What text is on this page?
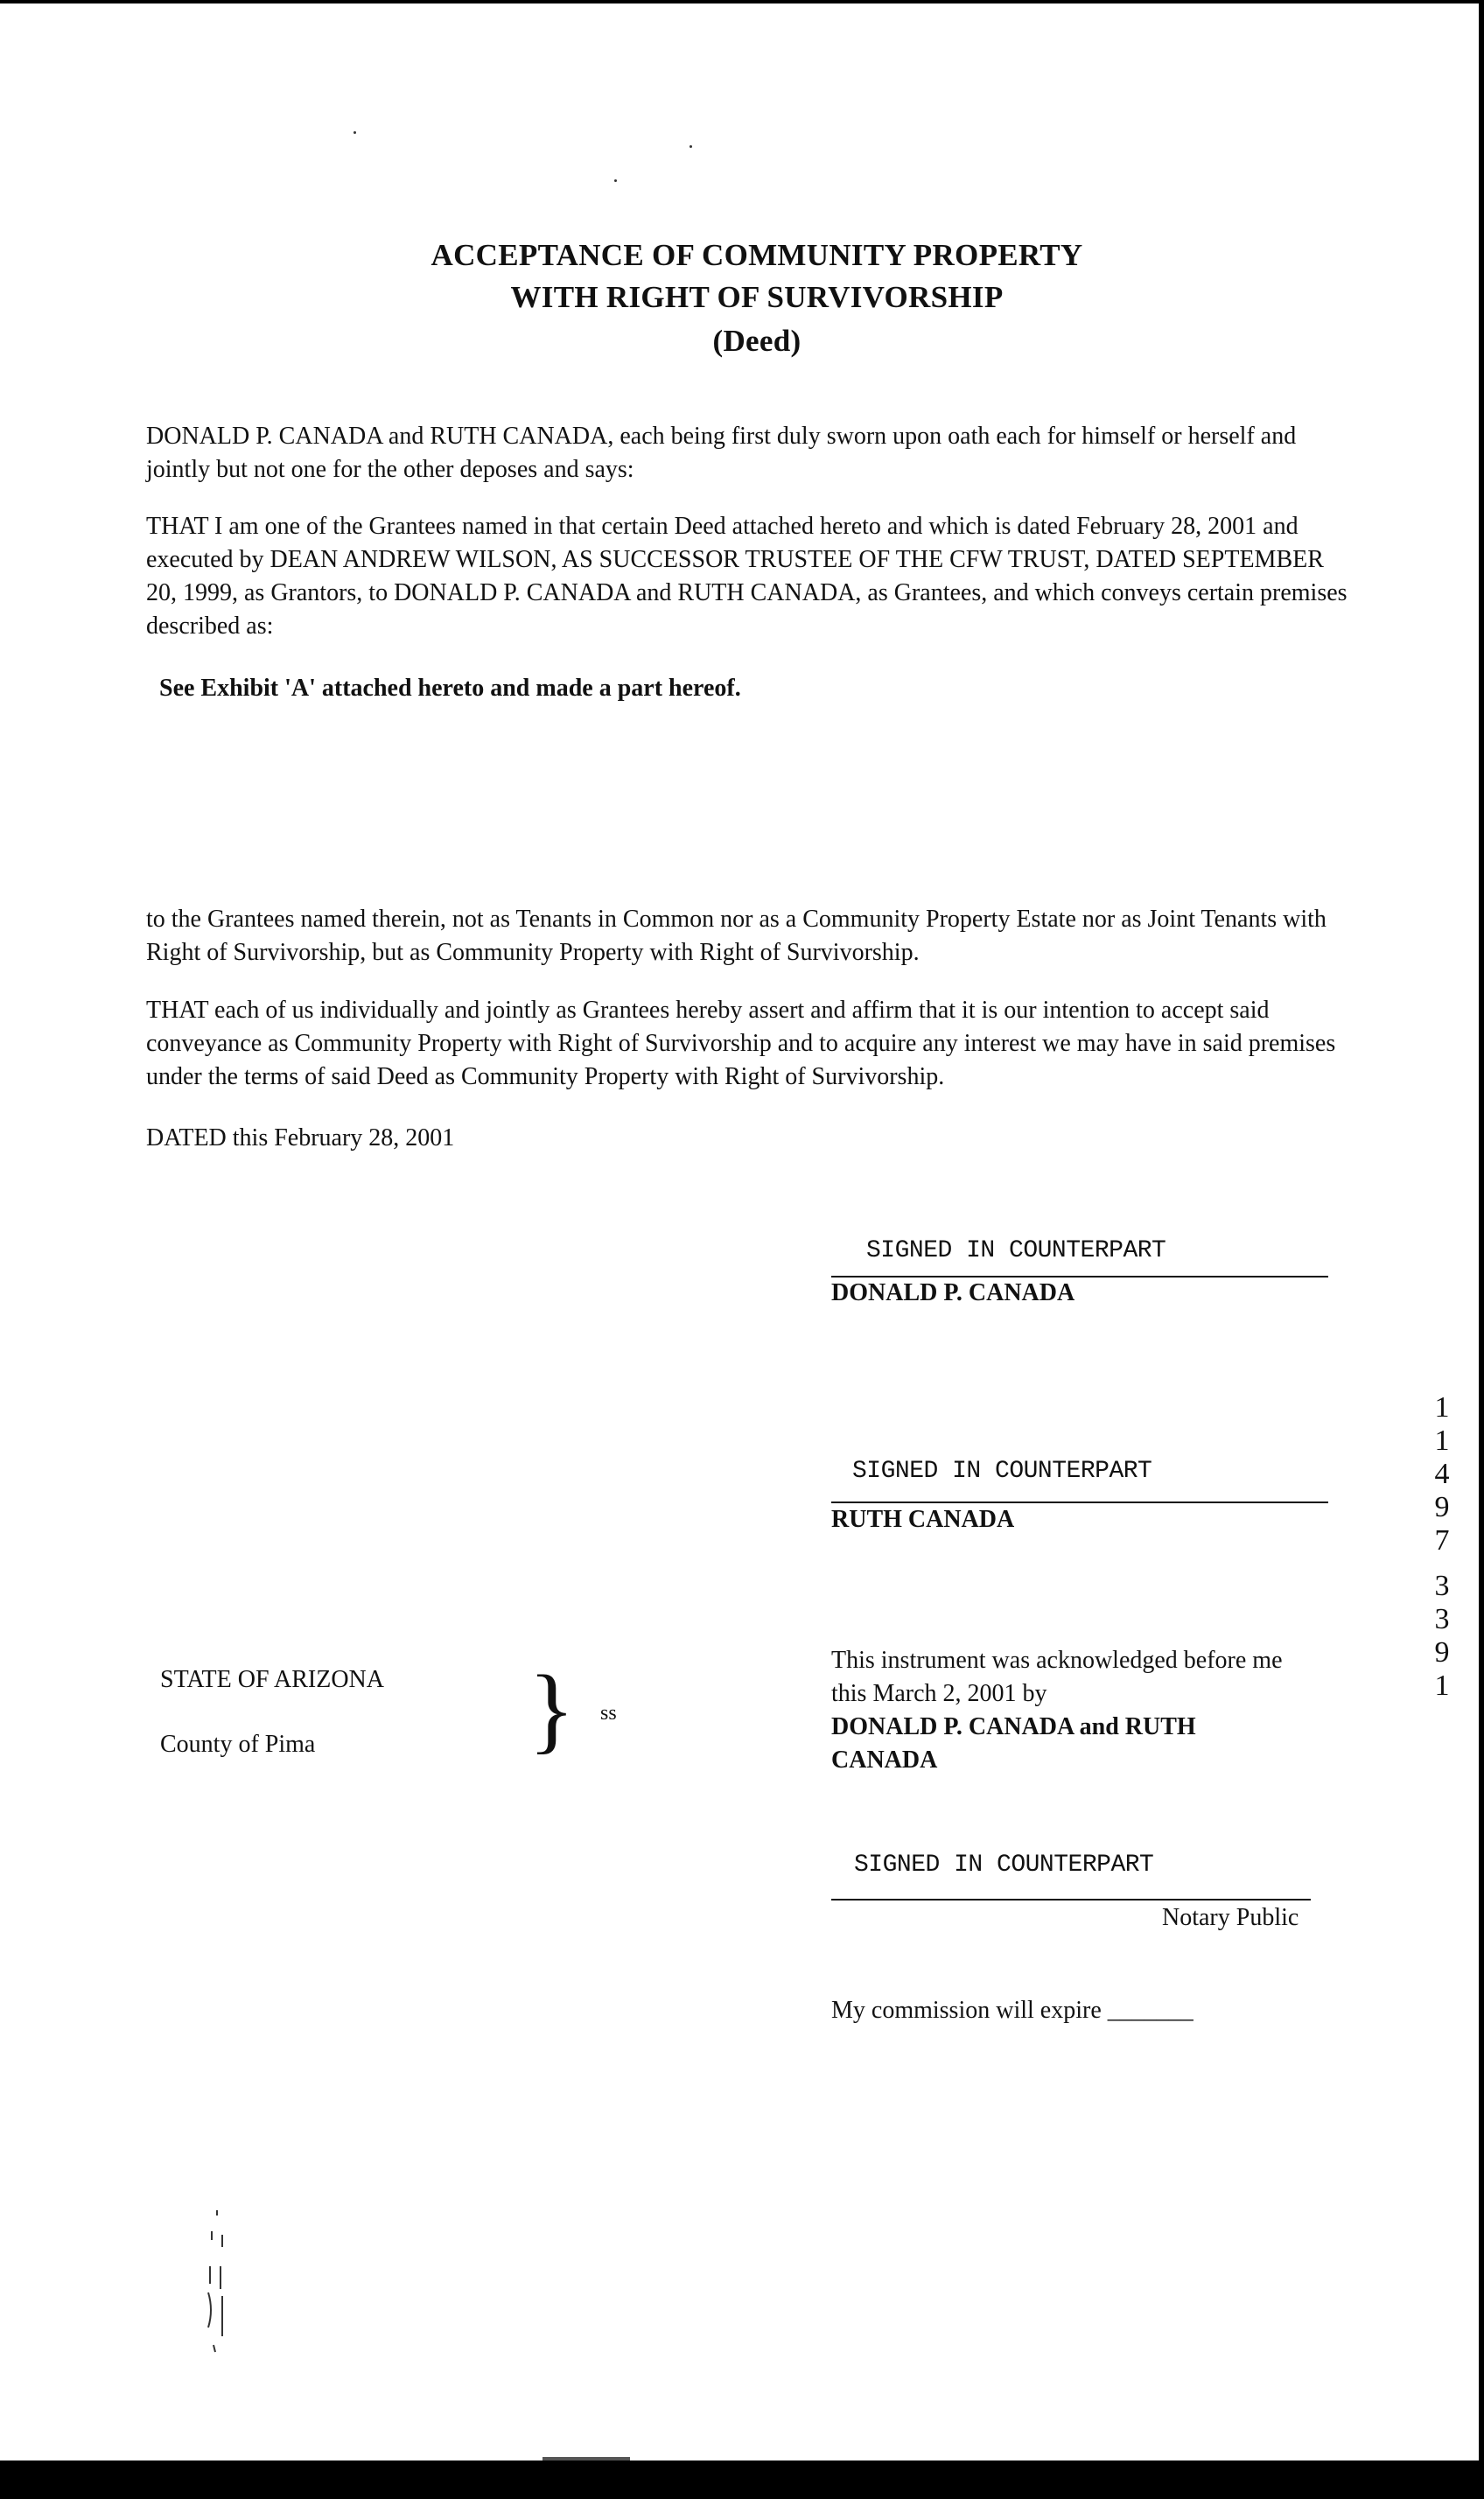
ACCEPTANCE OF COMMUNITY PROPERTY
WITH RIGHT OF SURVIVORSHIP
(Deed)

DONALD P. CANADA and RUTH CANADA, each being first duly sworn upon oath each for himself or herself and jointly but not one for the other deposes and says:

THAT I am one of the Grantees named in that certain Deed attached hereto and which is dated February 28, 2001 and executed by DEAN ANDREW WILSON, AS SUCCESSOR TRUSTEE OF THE CFW TRUST, DATED SEPTEMBER 20, 1999, as Grantors, to DONALD P. CANADA and RUTH CANADA, as Grantees, and which conveys certain premises described as:

See Exhibit 'A' attached hereto and made a part hereof.

to the Grantees named therein, not as Tenants in Common nor as a Community Property Estate nor as Joint Tenants with Right of Survivorship, but as Community Property with Right of Survivorship.

THAT each of us individually and jointly as Grantees hereby assert and affirm that it is our intention to accept said conveyance as Community Property with Right of Survivorship and to acquire any interest we may have in said premises under the terms of said Deed as Community Property with Right of Survivorship.

DATED this February 28, 2001

SIGNED IN COUNTERPART
DONALD P. CANADA
SIGNED IN COUNTERPART
RUTH CANADA
STATE OF ARIZONA
County of Pima } ss
This instrument was acknowledged before me
this March 2, 2001 by
DONALD P. CANADA and RUTH
CANADA
SIGNED IN COUNTERPART
Notary Public
My commission will expire _______
1
1
4
9
7
3
3
9
1
